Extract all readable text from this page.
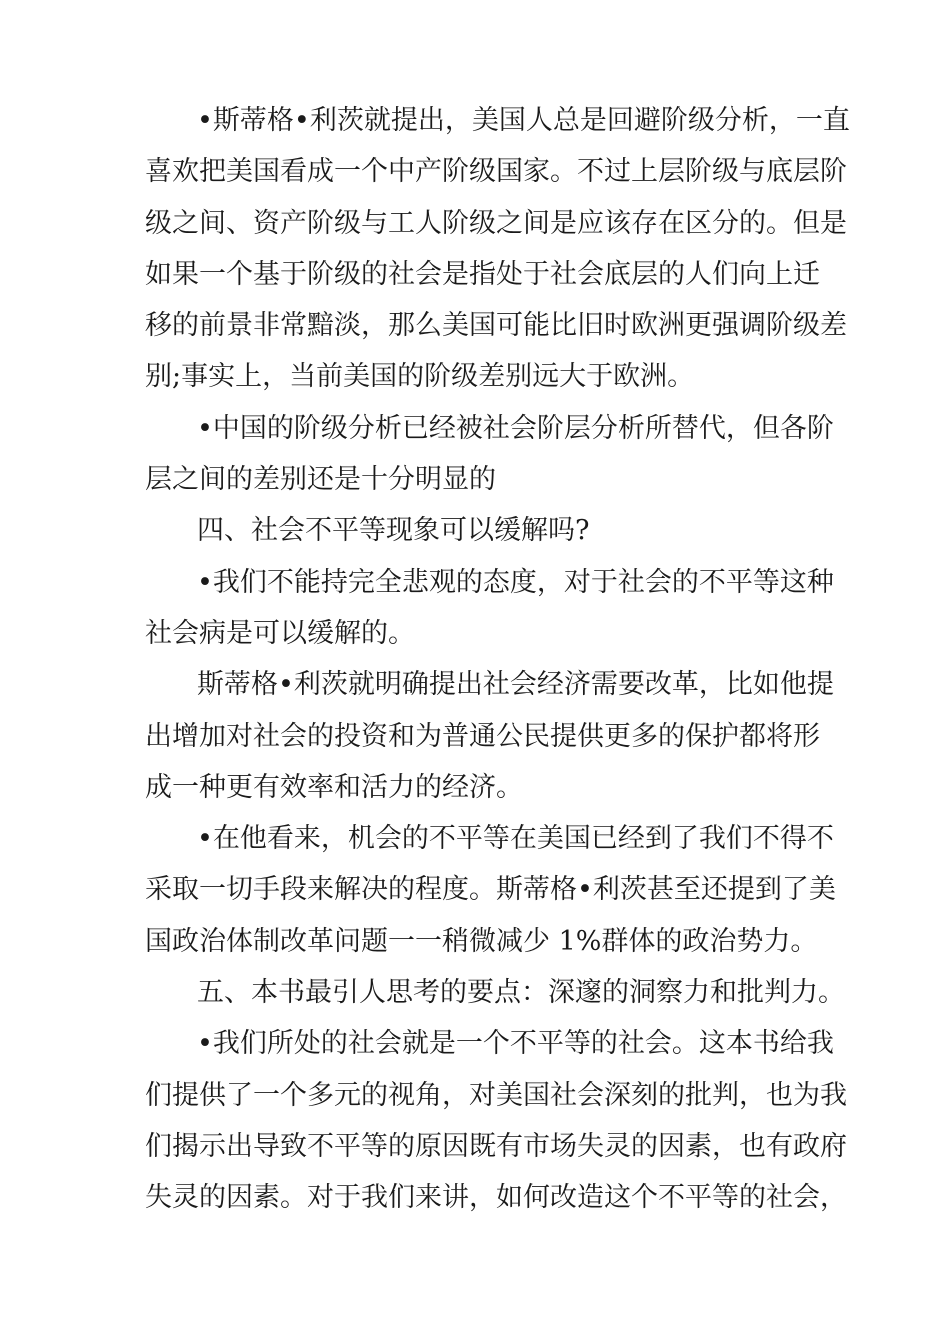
•斯蒂格•利茨就提出，美国人总是回避阶级分析，一直
喜欢把美国看成一个中产阶级国家。不过上层阶级与底层阶
级之间、资产阶级与工人阶级之间是应该存在区分的。但是
如果一个基于阶级的社会是指处于社会底层的人们向上迁
移的前景非常黯淡，那么美国可能比旧时欧洲更强调阶级差
别;事实上，当前美国的阶级差别远大于欧洲。
•中国的阶级分析已经被社会阶层分析所替代，但各阶
层之间的差别还是十分明显的
四、社会不平等现象可以缓解吗?
•我们不能持完全悲观的态度，对于社会的不平等这种
社会病是可以缓解的。
斯蒂格•利茨就明确提出社会经济需要改革，比如他提
出增加对社会的投资和为普通公民提供更多的保护都将形
成一种更有效率和活力的经济。
•在他看来，机会的不平等在美国已经到了我们不得不
采取一切手段来解决的程度。斯蒂格•利茨甚至还提到了美
国政治体制改革问题一一稍微减少 1%群体的政治势力。
五、本书最引人思考的要点：深邃的洞察力和批判力。
•我们所处的社会就是一个不平等的社会。这本书给我
们提供了一个多元的视角，对美国社会深刻的批判，也为我
们揭示出导致不平等的原因既有市场失灵的因素，也有政府
失灵的因素。对于我们来讲，如何改造这个不平等的社会，
